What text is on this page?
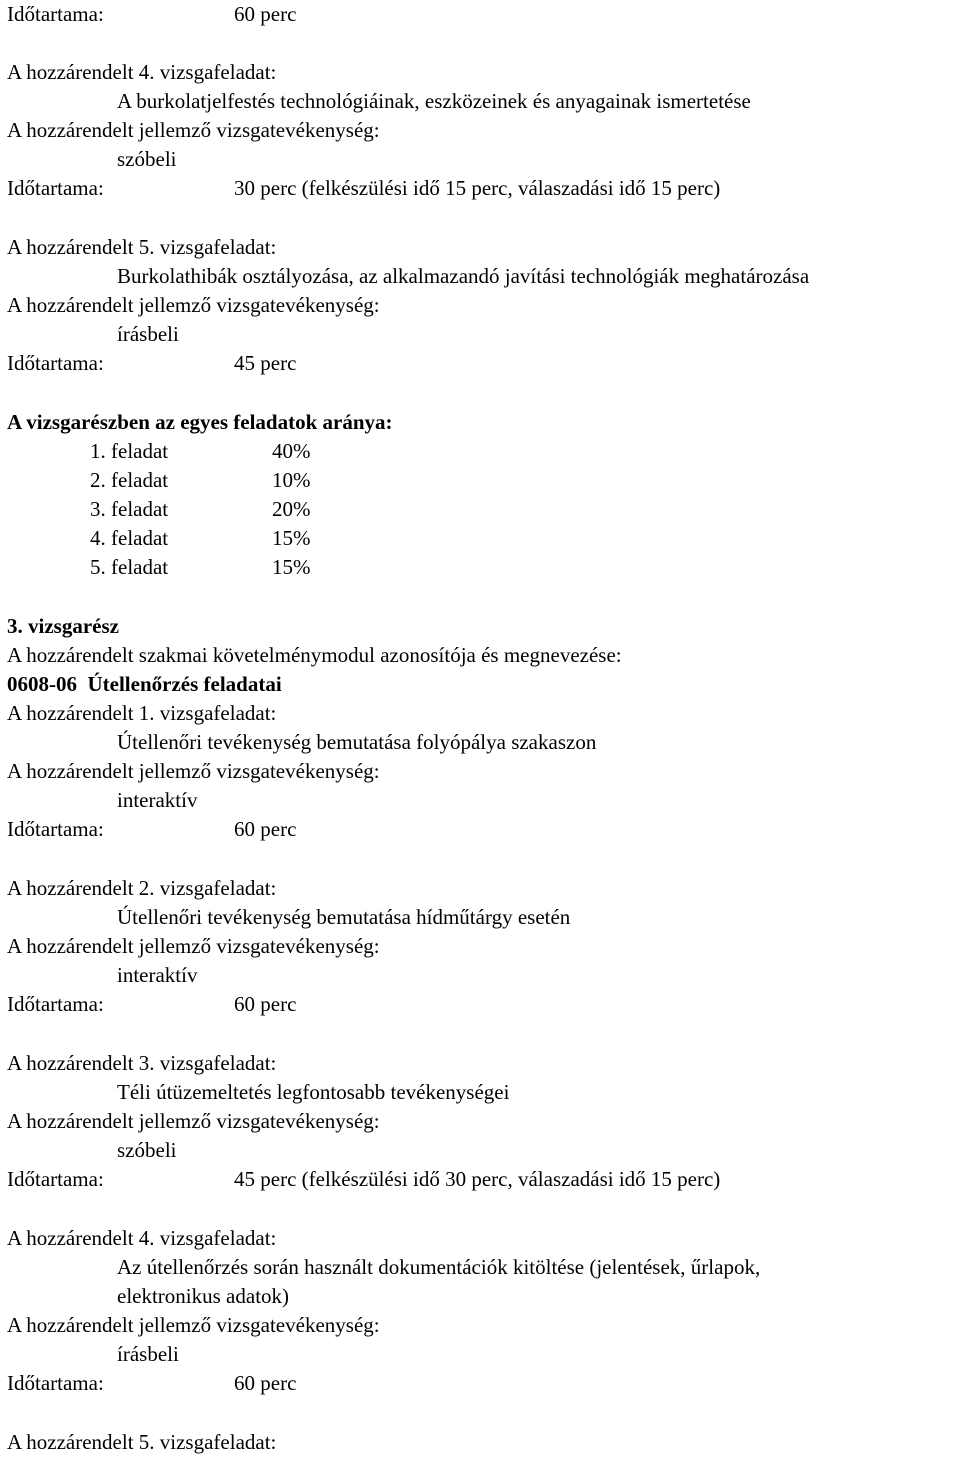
Időtartama:	60 perc
A hozzárendelt 4. vizsgafeladat:
A burkolatjelfestés technológiáinak, eszközeinek és anyagainak ismertetése
A hozzárendelt jellemző vizsgatevékenység:
szóbeli
Időtartama:	30 perc (felkészülési idő 15 perc, válaszadási idő 15 perc)
A hozzárendelt 5. vizsgafeladat:
Burkolathibák osztályozása, az alkalmazandó javítási technológiák meghatározása
A hozzárendelt jellemző vizsgatevékenység:
írásbeli
Időtartama:	45 perc
A vizsgarészben az egyes feladatok aránya:
1. feladat	40%
2. feladat	10%
3. feladat	20%
4. feladat	15%
5. feladat	15%
3. vizsgarész
A hozzárendelt szakmai követelménymodul azonosítója és megnevezése:
0608-06  Útellenőrzés feladatai
A hozzárendelt 1. vizsgafeladat:
Útellenőri tevékenység bemutatása folyópálya szakaszon
A hozzárendelt jellemző vizsgatevékenység:
interaktív
Időtartama:	60 perc
A hozzárendelt 2. vizsgafeladat:
Útellenőri tevékenység bemutatása hídműtárgy esetén
A hozzárendelt jellemző vizsgatevékenység:
interaktív
Időtartama:	60 perc
A hozzárendelt 3. vizsgafeladat:
Téli útüzemeltetés legfontosabb tevékenységei
A hozzárendelt jellemző vizsgatevékenység:
szóbeli
Időtartama:	45 perc (felkészülési idő 30 perc, válaszadási idő 15 perc)
A hozzárendelt 4. vizsgafeladat:
Az útellenőrzés során használt dokumentációk kitöltése (jelentések, űrlapok,
elektronikus adatok)
A hozzárendelt jellemző vizsgatevékenység:
írásbeli
Időtartama:	60 perc
A hozzárendelt 5. vizsgafeladat:
